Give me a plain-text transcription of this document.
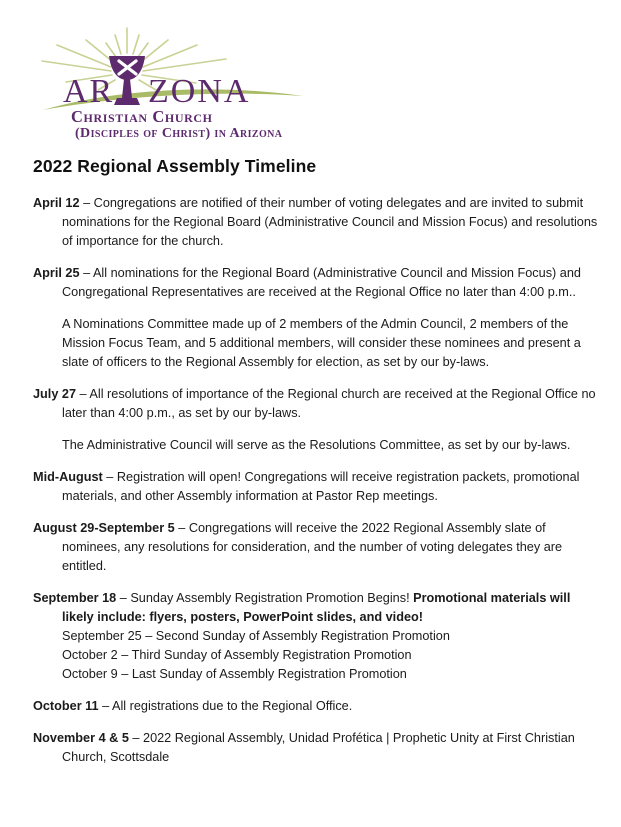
AR ZONA
Christian Church
(Disciples of Christ) in Arizona
2022 Regional Assembly Timeline
April 12 – Congregations are notified of their number of voting delegates and are invited to submit nominations for the Regional Board (Administrative Council and Mission Focus) and resolutions of importance for the church.
April 25 – All nominations for the Regional Board (Administrative Council and Mission Focus) and Congregational Representatives are received at the Regional Office no later than 4:00 p.m..
A Nominations Committee made up of 2 members of the Admin Council, 2 members of the Mission Focus Team, and 5 additional members, will consider these nominees and present a slate of officers to the Regional Assembly for election, as set by our by-laws.
July 27 – All resolutions of importance of the Regional church are received at the Regional Office no later than 4:00 p.m., as set by our by-laws.
The Administrative Council will serve as the Resolutions Committee, as set by our by-laws.
Mid-August – Registration will open! Congregations will receive registration packets, promotional materials, and other Assembly information at Pastor Rep meetings.
August 29-September 5 – Congregations will receive the 2022 Regional Assembly slate of nominees, any resolutions for consideration, and the number of voting delegates they are entitled.
September 18 – Sunday Assembly Registration Promotion Begins! Promotional materials will likely include: flyers, posters, PowerPoint slides, and video!
September 25 – Second Sunday of Assembly Registration Promotion
October 2 – Third Sunday of Assembly Registration Promotion
October 9 – Last Sunday of Assembly Registration Promotion
October 11 – All registrations due to the Regional Office.
November 4 & 5 – 2022 Regional Assembly, Unidad Profética | Prophetic Unity at First Christian Church, Scottsdale
